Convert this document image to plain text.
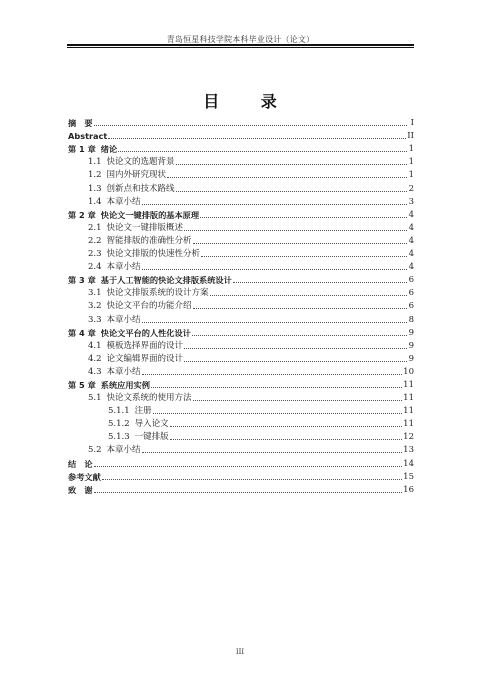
青岛恒星科技学院本科毕业设计（论文）
目 录
摘　要	I
Abstract	II
第 1 章 绪论	1
1.1 快论文的选题背景	1
1.2 国内外研究现状	1
1.3 创新点和技术路线	2
1.4 本章小结	3
第 2 章 快论文一键排版的基本原理	4
2.1 快论文一键排版概述	4
2.2 智能排版的准确性分析	4
2.3 快论文排版的快速性分析	4
2.4 本章小结	4
第 3 章 基于人工智能的快论文排版系统设计	6
3.1 快论文排版系统的设计方案	6
3.2 快论文平台的功能介绍	6
3.3 本章小结	8
第 4 章 快论文平台的人性化设计	9
4.1 模板选择界面的设计	9
4.2 论文编辑界面的设计	9
4.3 本章小结	10
第 5 章 系统应用实例	11
5.1 快论文系统的使用方法	11
5.1.1 注册	11
5.1.2 导入论文	11
5.1.3 一键排版	12
5.2 本章小结	13
结　论	14
参考文献	15
致　谢	16
III
